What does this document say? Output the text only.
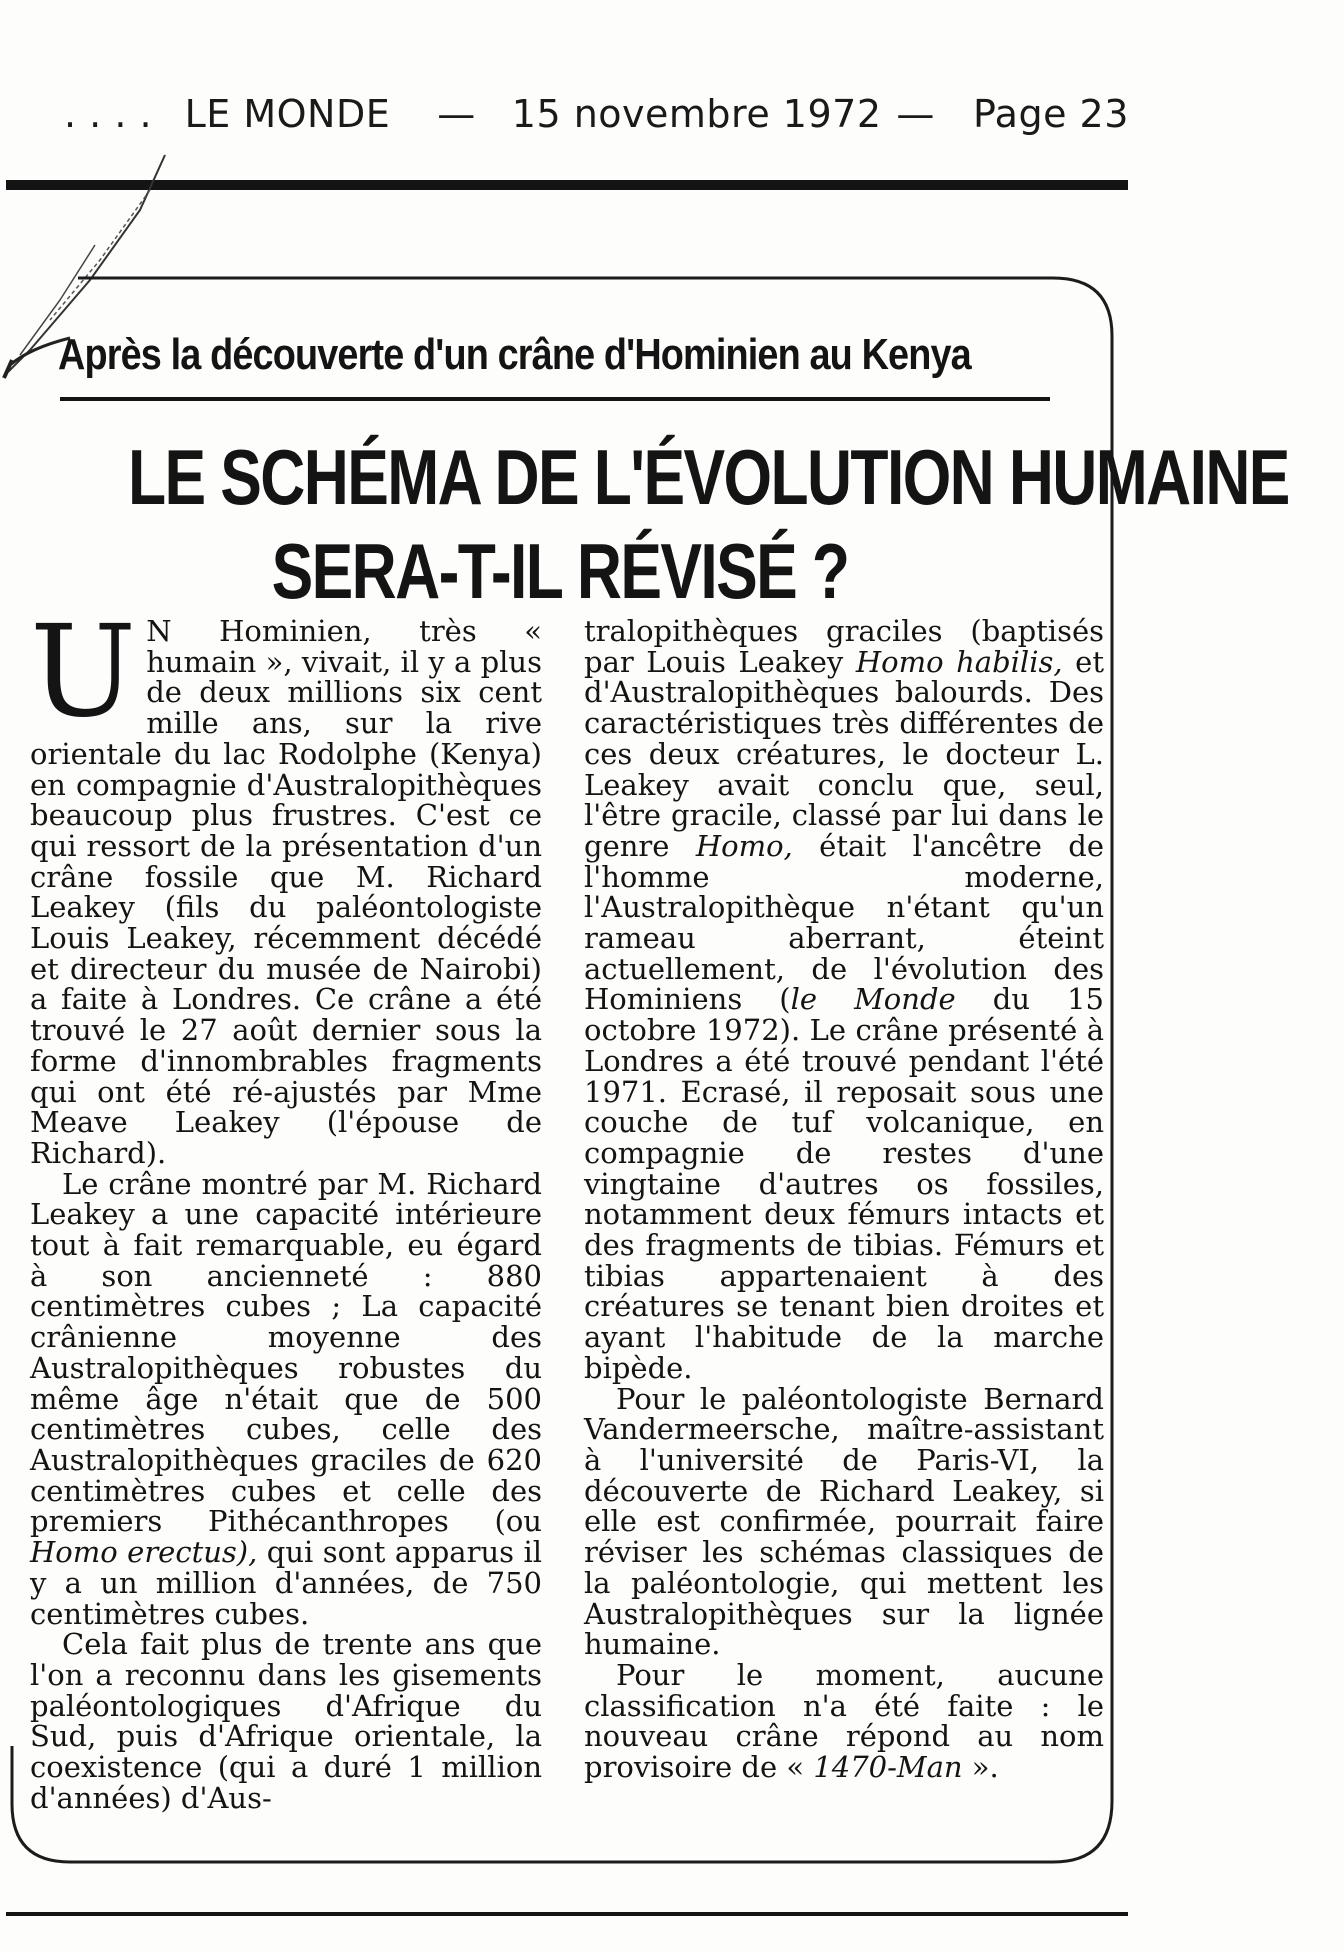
. . . . LE MONDE — 15 novembre 1972 — Page 23
Après la découverte d'un crâne d'Hominien au Kenya
LE SCHÉMA DE L'ÉVOLUTION HUMAINE
SERA-T-IL RÉVISÉ ?

U N Hominien, très « humain », vivait, il y a plus de deux millions six cent mille ans, sur la rive orientale du lac Rodolphe (Kenya) en compagnie d'Australopithèques beaucoup plus frustres. C'est ce qui ressort de la présentation d'un crâne fossile que M. Richard Leakey (fils du paléontologiste Louis Leakey, récemment décédé et directeur du musée de Nairobi) a faite à Londres. Ce crâne a été trouvé le 27 août dernier sous la forme d'innombrables fragments qui ont été ré-ajustés par Mme Meave Leakey (l'épouse de Richard).

Le crâne montré par M. Richard Leakey a une capacité intérieure tout à fait remarquable, eu égard à son ancienneté : 880 centimètres cubes ; La capacité crânienne moyenne des Australopithèques robustes du même âge n'était que de 500 centimètres cubes, celle des Australopithèques graciles de 620 centimètres cubes et celle des premiers Pithécanthropes (ou Homo erectus), qui sont apparus il y a un million d'années, de 750 centimètres cubes.

Cela fait plus de trente ans que l'on a reconnu dans les gisements paléontologiques d'Afrique du Sud, puis d'Afrique orientale, la coexistence (qui a duré 1 million d'années) d'Aus-

tralopithèques graciles (baptisés par Louis Leakey Homo habilis, et d'Australopithèques balourds. Des caractéristiques très différentes de ces deux créatures, le docteur L. Leakey avait conclu que, seul, l'être gracile, classé par lui dans le genre Homo, était l'ancêtre de l'homme moderne, l'Australopithèque n'étant qu'un rameau aberrant, éteint actuellement, de l'évolution des Hominiens (le Monde du 15 octobre 1972). Le crâne présenté à Londres a été trouvé pendant l'été 1971. Ecrasé, il reposait sous une couche de tuf volcanique, en compagnie de restes d'une vingtaine d'autres os fossiles, notamment deux fémurs intacts et des fragments de tibias. Fémurs et tibias appartenaient à des créatures se tenant bien droites et ayant l'habitude de la marche bipède.

Pour le paléontologiste Bernard Vandermeersche, maître-assistant à l'université de Paris-VI, la découverte de Richard Leakey, si elle est confirmée, pourrait faire réviser les schémas classiques de la paléontologie, qui mettent les Australopithèques sur la lignée humaine.

Pour le moment, aucune classification n'a été faite : le nouveau crâne répond au nom provisoire de « 1470-Man ».
